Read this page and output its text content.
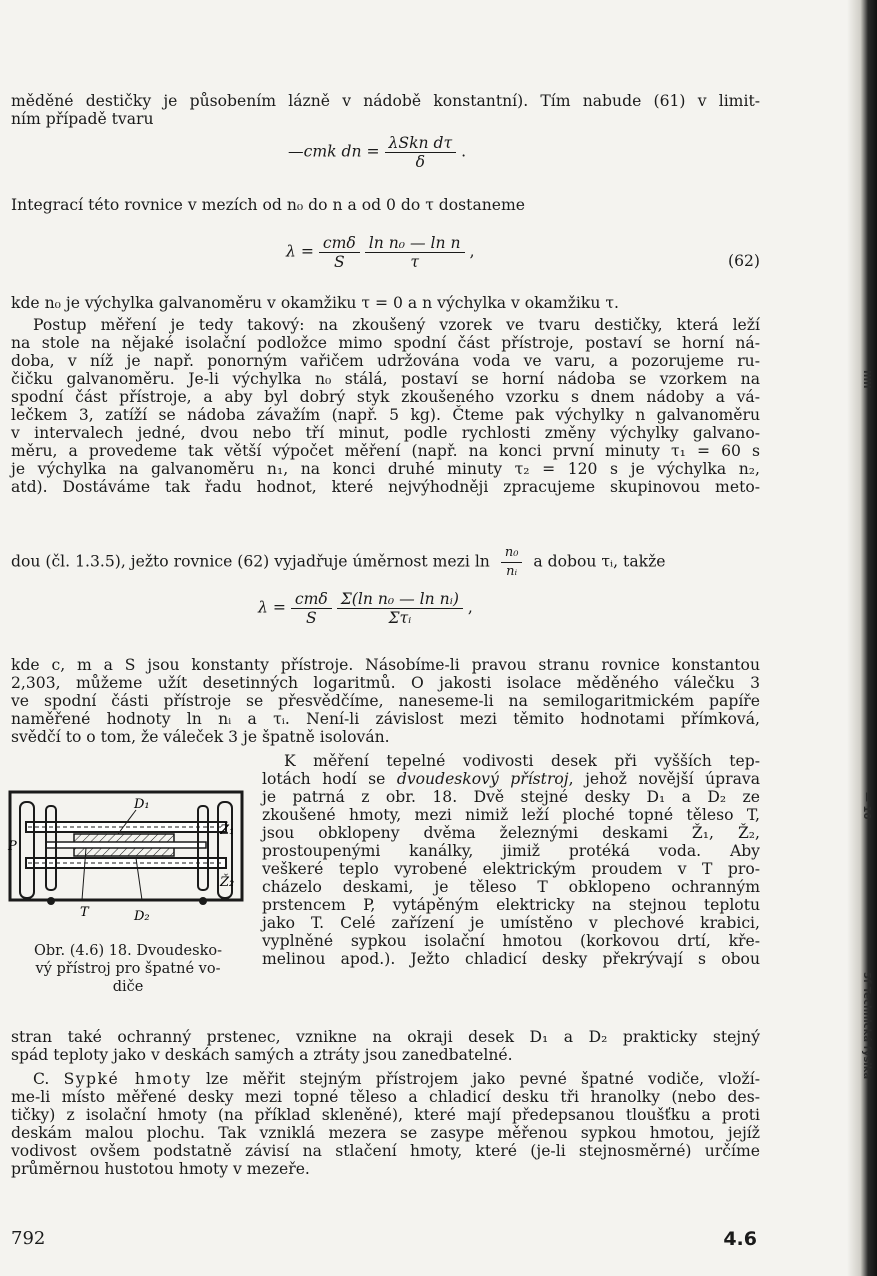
měděné destičky je působením lázně v nádobě konstantní). Tím nabude (61) v limit-
ním případě tvaru
—cmk dn = $\frac{\text{λSkn dτ}}{\delta}$ .
Integrací této rovnice v mezích od n₀ do n a od 0 do τ dostaneme
$\lambda = \frac{\text{cmδ}}{S}$
$\frac{\text{ln n₀ — ln n}}{\tau}$ ,
(62)
kde n₀ je výchylka galvanoměru v okamžiku τ = 0 a n výchylka v okamžiku τ.
Postup měření je tedy takový: na zkoušený vzorek ve tvaru destičky, která leží
na stole na nějaké isolační podložce mimo spodní část přístroje, postaví se horní ná-
doba, v níž je např. ponorným vařičem udržována voda ve varu, a pozorujeme ru-
čičku galvanoměru. Je-li výchylka n₀ stálá, postaví se horní nádoba se vzorkem na
spodní část přístroje, a aby byl dobrý styk zkoušeného vzorku s dnem nádoby a vá-
lečkem 3, zatíží se nádoba závažím (např. 5 kg). Čteme pak výchylky n galvanoměru
v intervalech jedné, dvou nebo tří minut, podle rychlosti změny výchylky galvano-
měru, a provedeme tak větší výpočet měření (např. na konci první minuty τ₁ = 60 s
je výchylka na galvanoměru n₁, na konci druhé minuty τ₂ = 120 s je výchylka n₂,
atd). Dostáváme tak řadu hodnot, které nejvýhodněji zpracujeme skupinovou meto-
dou (čl. 1.3.5), ježto rovnice (62) vyjadřuje úměrnost mezi $\ln \frac{\text{n₀}}{\text{nᵢ}}$ a dobou τᵢ, takže
$\lambda = \frac{\text{cmδ}}{S}$
$\frac{\text{Σ(ln n₀ — ln nᵢ)}}{\text{Στᵢ}}$ ,
kde c, m a S jsou konstanty přístroje. Násobíme-li pravou stranu rovnice konstantou
2,303, můžeme užít desetinných logaritmů. O jakosti isolace měděného válečku 3
ve spodní části přístroje se přesvědčíme, naneseme-li na semilogaritmickém papíře
naměřené hodnoty ln nᵢ a τᵢ. Není-li závislost mezi těmito hodnotami přímková,
svědčí to o tom, že váleček 3 je špatně isolován.
K měření tepelné vodivosti desek při vyšších tep-
lotách hodí se dvoudeskový přístroj, jehož novější úprava
je patrná z obr. 18. Dvě stejné desky D₁ a D₂ ze
zkoušené hmoty, mezi nimiž leží ploché topné těleso T,
jsou obklopeny dvěma železnými deskami Ž₁, Ž₂,
prostoupenými kanálky, jimiž protéká voda. Aby
veškeré teplo vyrobené elektrickým proudem v T pro-
cházelo deskami, je těleso T obklopeno ochranným
prstencem P, vytápěným elektricky na stejnou teplotu
jako T. Celé zařízení je umístěno v plechové krabici,
vyplněné sypkou isolační hmotou (korkovou drtí, kře-
melinou apod.). Ježto chladicí desky překrývají s obou
D₁
D₂
Ž₁
Ž₂
P
T
Obr. (4.6) 18. Dvoudesko-
vý přístroj pro špatné vo-
diče
stran také ochranný prstenec, vznikne na okraji desek D₁ a D₂ prakticky stejný
spád teploty jako v deskách samých a ztráty jsou zanedbatelné.
C. Sypké hmoty lze měřit stejným přístrojem jako pevné špatné vodiče, vloží-
me-li místo měřené desky mezi topné těleso a chladicí desku tři hranolky (nebo des-
tičky) z isolační hmoty (na příklad skleněné), které mají předepsanou tloušťku a proti
deskám malou plochu. Tak vzniklá mezera se zasype měřenou sypkou hmotou, jejíž
vodivost ovšem podstatně závisí na stlačení hmoty, které (je-li stejnosměrné) určíme
průměrnou hustotou hmoty v mezeře.
IIIII
— 10
5f Technická fysika
792	4.6
